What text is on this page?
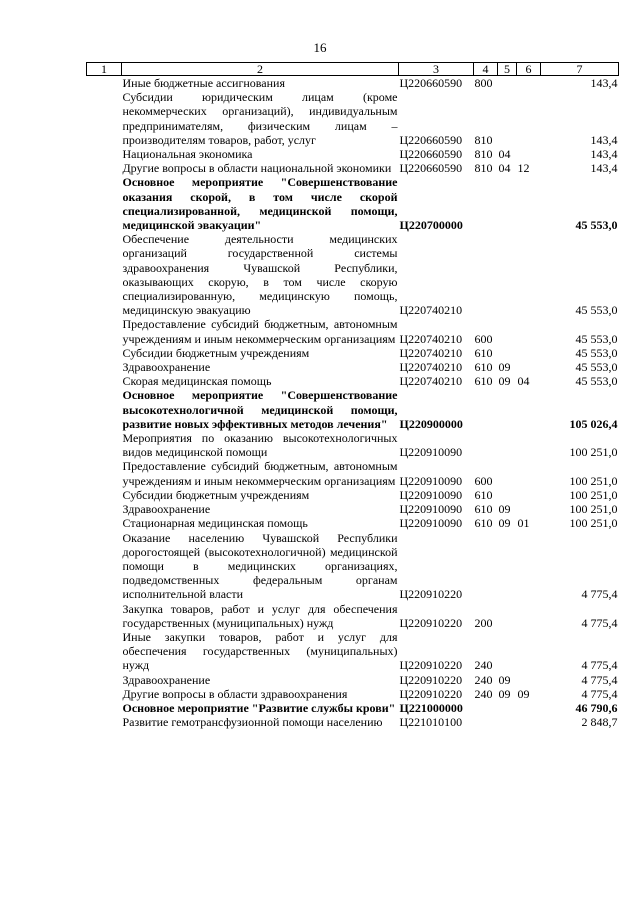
16
1	2	3	4	5	6	7
	Иные бюджетные ассигнования	Ц220660590	800			143,4
	Субсидии юридическим лицам (кроме некоммерческих организаций), индивидуальным предпринимателям, физическим лицам – производителям товаров, работ, услуг	Ц220660590	810			143,4
	Национальная экономика	Ц220660590	810	04		143,4
	Другие вопросы в области национальной экономики	Ц220660590	810	04	12	143,4
	Основное мероприятие "Совершенствование оказания скорой, в том числе скорой специализированной, медицинской помощи, медицинской эвакуации"	Ц220700000				45 553,0
	Обеспечение деятельности медицинских организаций государственной системы здравоохранения Чувашской Республики, оказывающих скорую, в том числе скорую специализированную, медицинскую помощь, медицинскую эвакуацию	Ц220740210				45 553,0
	Предоставление субсидий бюджетным, автономным учреждениям и иным некоммерческим организациям	Ц220740210	600			45 553,0
	Субсидии бюджетным учреждениям	Ц220740210	610			45 553,0
	Здравоохранение	Ц220740210	610	09		45 553,0
	Скорая медицинская помощь	Ц220740210	610	09	04	45 553,0
	Основное мероприятие "Совершенствование высокотехнологичной медицинской помощи, развитие новых эффективных методов лечения"	Ц220900000				105 026,4
	Мероприятия по оказанию высокотехнологичных видов медицинской помощи	Ц220910090				100 251,0
	Предоставление субсидий бюджетным, автономным учреждениям и иным некоммерческим организациям	Ц220910090	600			100 251,0
	Субсидии бюджетным учреждениям	Ц220910090	610			100 251,0
	Здравоохранение	Ц220910090	610	09		100 251,0
	Стационарная медицинская помощь	Ц220910090	610	09	01	100 251,0
	Оказание населению Чувашской Республики дорогостоящей (высокотехнологичной) медицинской помощи в медицинских организациях, подведомственных федеральным органам исполнительной власти	Ц220910220				4 775,4
	Закупка товаров, работ и услуг для обеспечения государственных (муниципальных) нужд	Ц220910220	200			4 775,4
	Иные закупки товаров, работ и услуг для обеспечения государственных (муниципальных) нужд	Ц220910220	240			4 775,4
	Здравоохранение	Ц220910220	240	09		4 775,4
	Другие вопросы в области здравоохранения	Ц220910220	240	09	09	4 775,4
	Основное мероприятие "Развитие службы крови"	Ц221000000				46 790,6
	Развитие гемотрансфузионной помощи населению	Ц221010100				2 848,7
